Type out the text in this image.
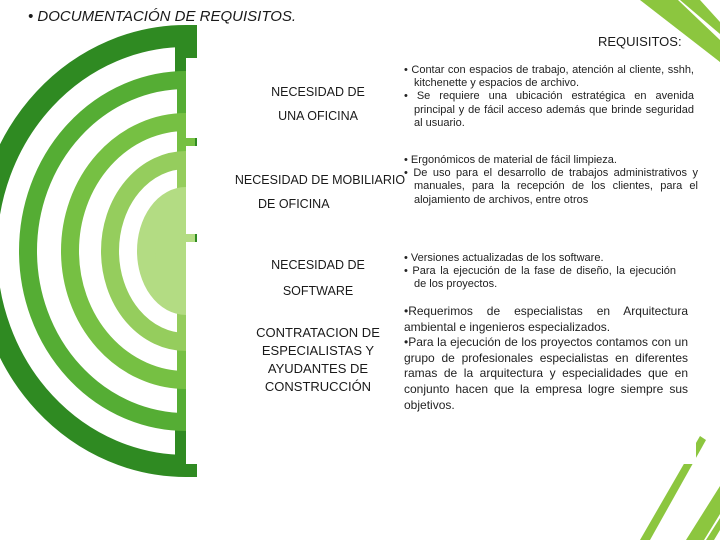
• DOCUMENTACIÓN DE REQUISITOS.
REQUISITOS:
NECESIDAD DE
UNA OFICINA
• Contar con espacios de trabajo, atención al cliente, sshh, kitchenette y espacios de archivo.
• Se requiere una ubicación estratégica en avenida principal y de fácil acceso además que brinde seguridad al usuario.
NECESIDAD DE MOBILIARIO
DE OFICINA
• Ergonómicos de material de fácil limpieza.
• De uso para el desarrollo de trabajos administrativos y manuales, para la recepción de los clientes, para el alojamiento de archivos, entre otros
NECESIDAD DE
SOFTWARE
• Versiones actualizadas de los software.
• Para la ejecución de la fase de diseño, la ejecución de los proyectos.
CONTRATACION DE
ESPECIALISTAS Y
AYUDANTES DE
CONSTRUCCIÓN
•Requerimos de especialistas en Arquitectura ambiental e ingenieros especializados.
•Para la ejecución de los proyectos contamos con un grupo de profesionales especialistas en diferentes ramas de la arquitectura y especialidades que en conjunto hacen que la empresa logre siempre sus objetivos.
